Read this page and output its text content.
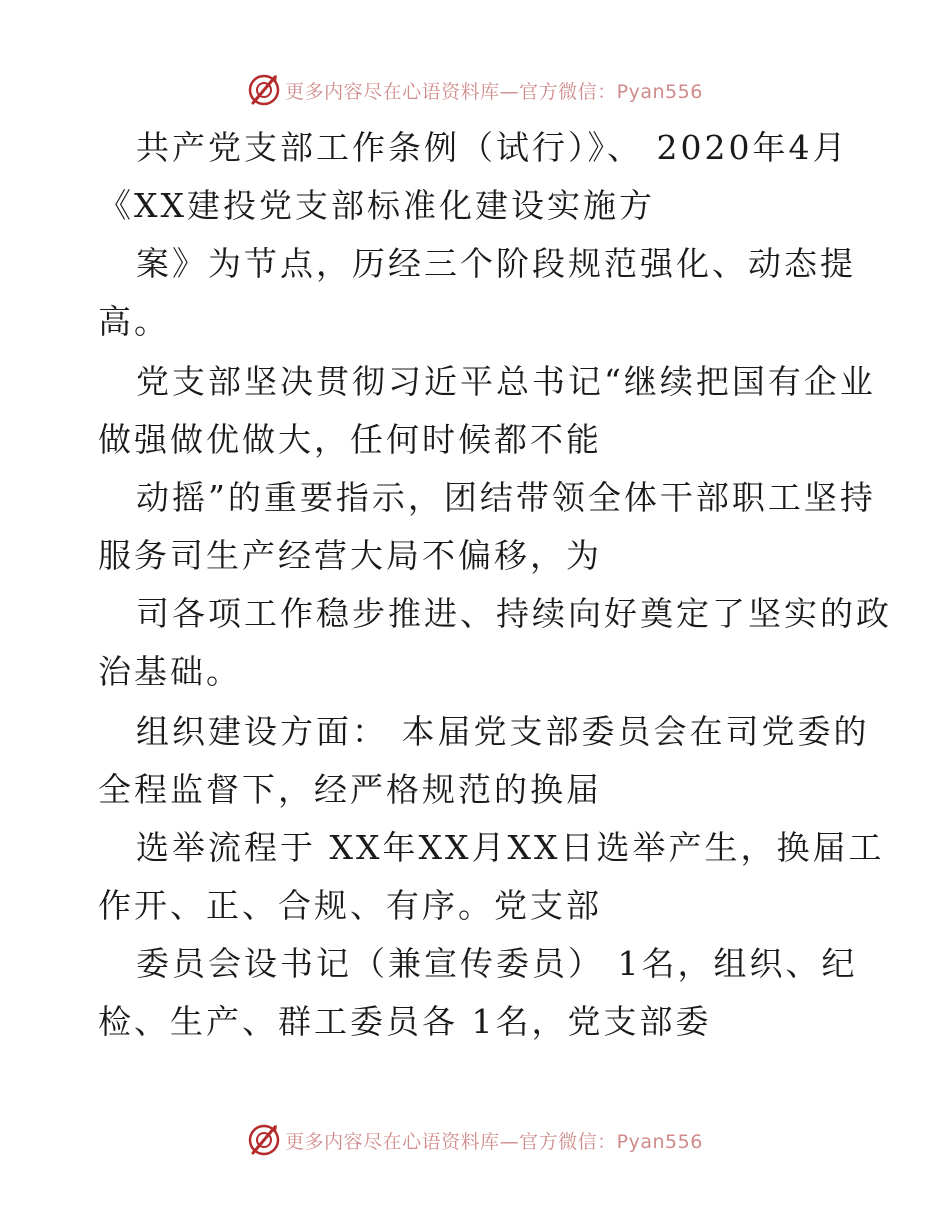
更多内容尽在心语资料库—官方微信：Pyan556
共产党支部工作条例（试行）》、 2020年4月
《XX建投党支部标准化建设实施方
案》为节点，历经三个阶段规范强化、动态提
高。
党支部坚决贯彻习近平总书记“继续把国有企业
做强做优做大，任何时候都不能
动摇”的重要指示，团结带领全体干部职工坚持
服务司生产经营大局不偏移，为
司各项工作稳步推进、持续向好奠定了坚实的政
治基础。
组织建设方面： 本届党支部委员会在司党委的
全程监督下，经严格规范的换届
选举流程于 XX年XX月XX日选举产生，换届工
作开、正、合规、有序。党支部
委员会设书记（兼宣传委员） 1名，组织、纪
检、生产、群工委员各 1名，党支部委
更多内容尽在心语资料库—官方微信：Pyan556
